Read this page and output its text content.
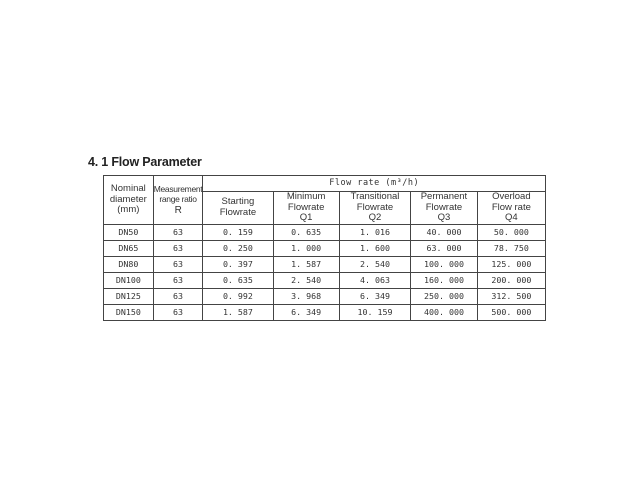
4. 1 Flow Parameter
Nominal
diameter
(mm)	Measurement
range ratio
R	Flow rate (m³/h)				
		Starting
Flowrate	Minimum
Flowrate
Q1	Transitional
Flowrate
Q2	Permanent
Flowrate
Q3	Overload
Flow rate
Q4
DN50	63	0. 159	0. 635	1. 016	40. 000	50. 000
DN65	63	0. 250	1. 000	1. 600	63. 000	78. 750
DN80	63	0. 397	1. 587	2. 540	100. 000	125. 000
DN100	63	0. 635	2. 540	4. 063	160. 000	200. 000
DN125	63	0. 992	3. 968	6. 349	250. 000	312. 500
DN150	63	1. 587	6. 349	10. 159	400. 000	500. 000
